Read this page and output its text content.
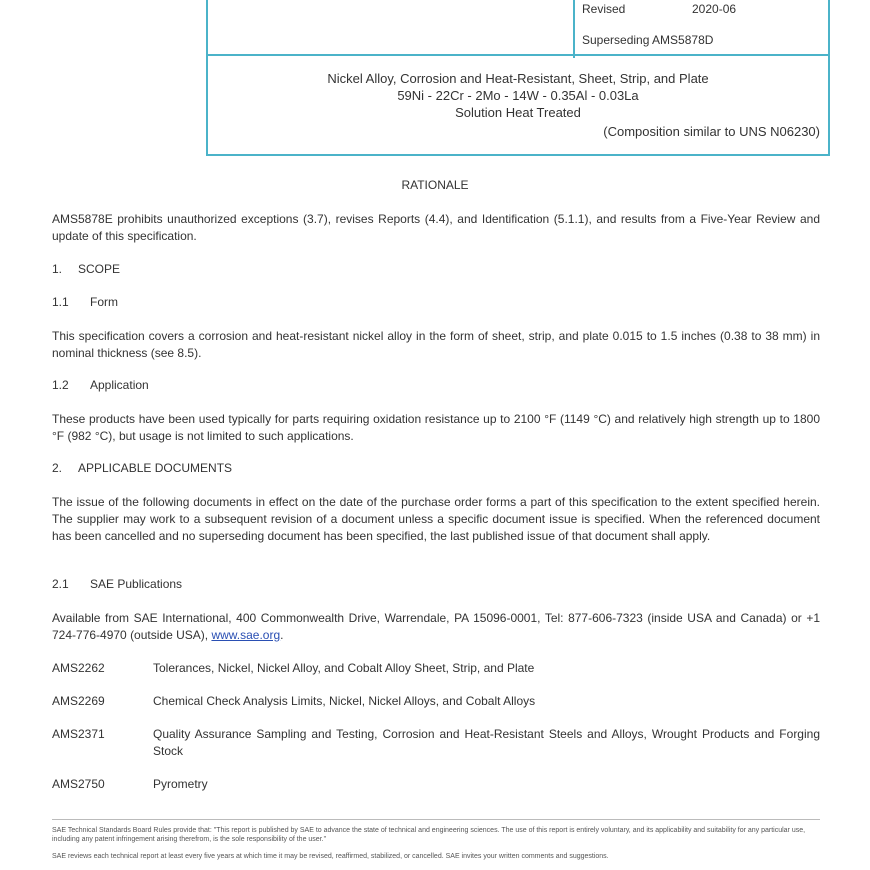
Revised	2020-06
Superseding AMS5878D
Nickel Alloy, Corrosion and Heat-Resistant, Sheet, Strip, and Plate
59Ni - 22Cr - 2Mo - 14W - 0.35Al - 0.03La
Solution Heat Treated
(Composition similar to UNS N06230)
RATIONALE

AMS5878E prohibits unauthorized exceptions (3.7), revises Reports (4.4), and Identification (5.1.1), and results from a Five-Year Review and update of this specification.

1. SCOPE
1.1 Form

This specification covers a corrosion and heat-resistant nickel alloy in the form of sheet, strip, and plate 0.015 to 1.5 inches (0.38 to 38 mm) in nominal thickness (see 8.5).

1.2 Application

These products have been used typically for parts requiring oxidation resistance up to 2100 °F (1149 °C) and relatively high strength up to 1800 °F (982 °C), but usage is not limited to such applications.

2. APPLICABLE DOCUMENTS

The issue of the following documents in effect on the date of the purchase order forms a part of this specification to the extent specified herein. The supplier may work to a subsequent revision of a document unless a specific document issue is specified. When the referenced document has been cancelled and no superseding document has been specified, the last published issue of that document shall apply.

2.1 SAE Publications

Available from SAE International, 400 Commonwealth Drive, Warrendale, PA 15096-0001, Tel: 877-606-7323 (inside USA and Canada) or +1 724-776-4970 (outside USA), www.sae.org.

AMS2262	Tolerances, Nickel, Nickel Alloy, and Cobalt Alloy Sheet, Strip, and Plate
AMS2269	Chemical Check Analysis Limits, Nickel, Nickel Alloys, and Cobalt Alloys
AMS2371	Quality Assurance Sampling and Testing, Corrosion and Heat-Resistant Steels and Alloys, Wrought Products and Forging Stock
AMS2750	Pyrometry
SAE Technical Standards Board Rules provide that: "This report is published by SAE to advance the state of technical and engineering sciences. The use of this report is entirely voluntary, and its applicability and suitability for any particular use, including any patent infringement arising therefrom, is the sole responsibility of the user."
SAE reviews each technical report at least every five years at which time it may be revised, reaffirmed, stabilized, or cancelled. SAE invites your written comments and suggestions.
